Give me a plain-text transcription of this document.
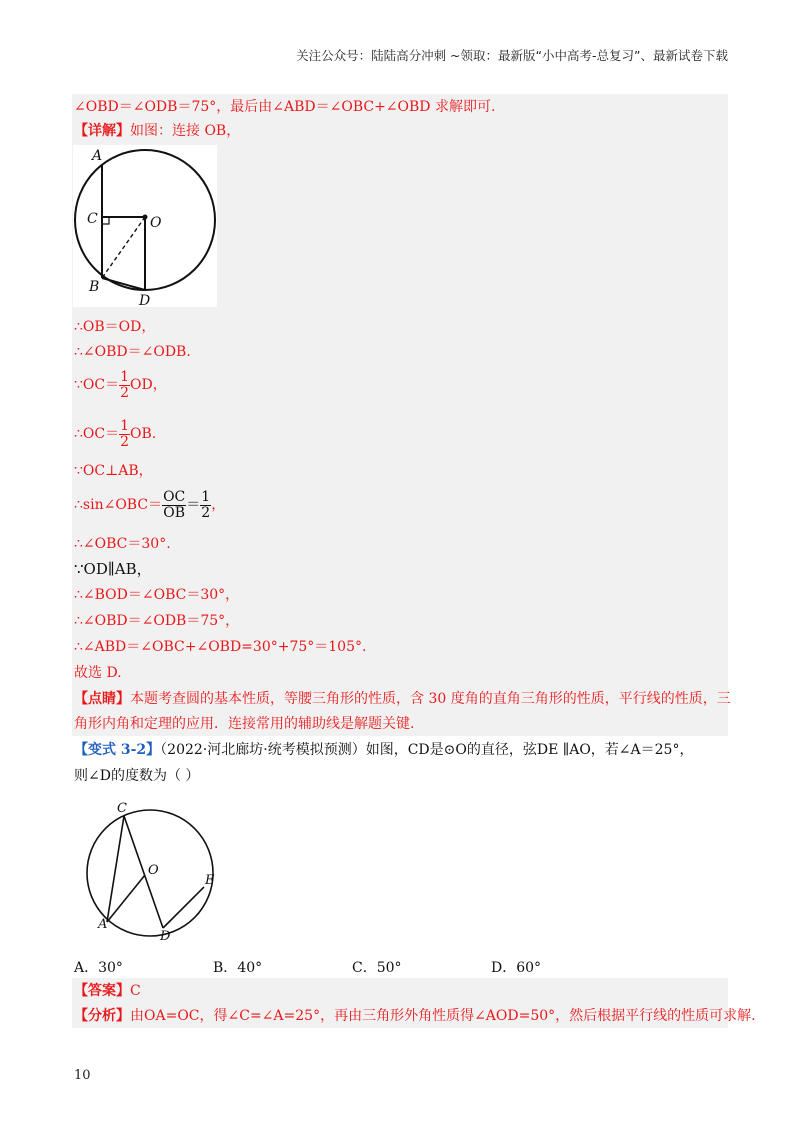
关注公众号：陆陆高分冲刺 ~领取：最新版“小中高考-总复习”、最新试卷下载
∠OBD＝∠ODB＝75°，最后由∠ABD＝∠OBC+∠OBD 求解即可.
【详解】如图：连接 OB，
A
C	O
B
D
∴OB＝OD，
∴∠OBD＝∠ODB.
∵OC＝ $\frac{1}{2}$ OD，
∴OC＝ $\frac{1}{2}$ OB.
∵OC⊥AB，
∴sin∠OBC＝ $\frac{OC}{OB} = \frac{1}{2}$ ，
∴∠OBC＝30°.
∵OD∥AB，
∴∠BOD＝∠OBC＝30°，
∴∠OBD＝∠ODB＝75°，
∴∠ABD＝∠OBC+∠OBD=30°+75°＝105°.
故选 D.
【点睛】本题考查圆的基本性质，等腰三角形的性质，含 30 度角的直角三角形的性质，平行线的性质，三
角形内角和定理的应用．连接常用的辅助线是解题关键.
【变式 3-2】（2022·河北廊坊·统考模拟预测）如图，CD是⊙O的直径，弦DE ∥AO，若∠A＝25°，
则∠D的度数为（ ）
C
O
E
A
D
A．30°	B．40°	C．50°	D．60°
【答案】C
【分析】由OA=OC，得∠C=∠A=25°，再由三角形外角性质得∠AOD=50°，然后根据平行线的性质可求解.
10
